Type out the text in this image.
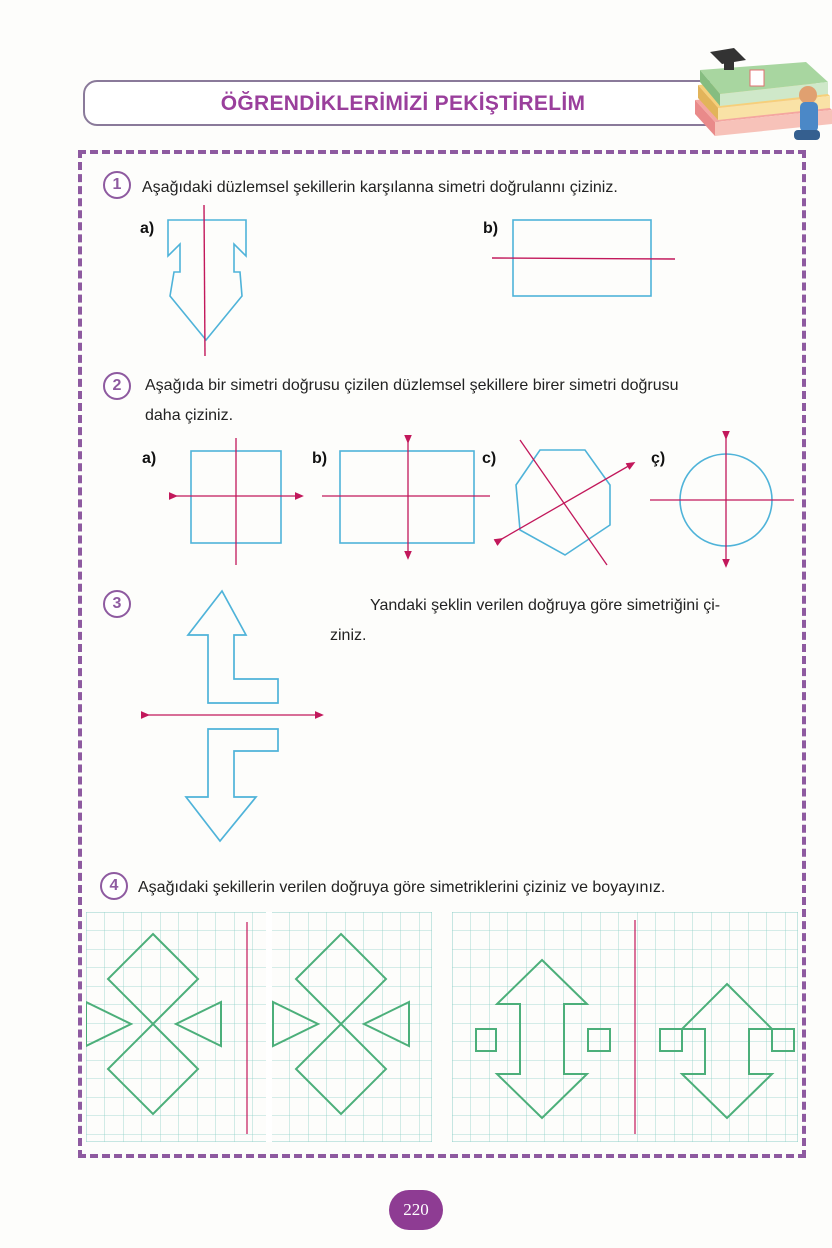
ÖĞRENDİKLERİMİZİ PEKİŞTİRELİM
1	Aşağıdaki düzlemsel şekillerin karşılanna simetri doğrulannı çiziniz.
a)	b)
2	Aşağıda bir simetri doğrusu çizilen düzlemsel şekillere birer simetri doğrusu
daha çiziniz.
a)	b)	c)	ç)
3	Yandaki şeklin verilen doğruya göre simetriğini çi-
ziniz.
4	Aşağıdaki şekillerin verilen doğruya göre simetriklerini çiziniz ve boyayınız.
220
